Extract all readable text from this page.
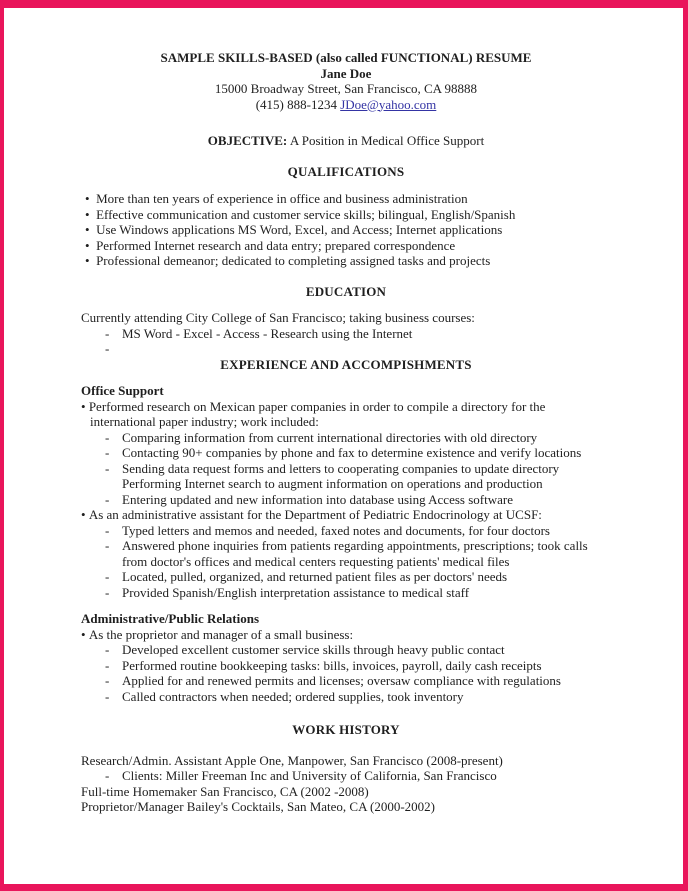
SAMPLE SKILLS-BASED (also called FUNCTIONAL) RESUME
Jane Doe
15000 Broadway Street, San Francisco, CA 98888
(415) 888-1234 JDoe@yahoo.com
OBJECTIVE: A Position in Medical Office Support
QUALIFICATIONS
•  More than ten years of experience in office and business administration
•  Effective communication and customer service skills; bilingual, English/Spanish
•  Use Windows applications MS Word, Excel, and Access; Internet applications
•  Performed Internet research and data entry; prepared correspondence
•  Professional demeanor; dedicated to completing assigned tasks and projects
EDUCATION
Currently attending City College of San Francisco; taking business courses:
- MS Word - Excel - Access - Research using the Internet
-
EXPERIENCE AND ACCOMPISHMENTS
Office Support
• Performed research on Mexican paper companies in order to compile a directory for the international paper industry; work included:
- Comparing information from current international directories with old directory
- Contacting 90+ companies by phone and fax to determine existence and verify locations
- Sending data request forms and letters to cooperating companies to update directory
Performing Internet search to augment information on operations and production
- Entering updated and new information into database using Access software
• As an administrative assistant for the Department of Pediatric Endocrinology at UCSF:
- Typed letters and memos and needed, faxed notes and documents, for four doctors
- Answered phone inquiries from patients regarding appointments, prescriptions; took calls from doctor's offices and medical centers requesting patients' medical files
- Located, pulled, organized, and returned patient files as per doctors' needs
- Provided Spanish/English interpretation assistance to medical staff
Administrative/Public Relations
• As the proprietor and manager of a small business:
- Developed excellent customer service skills through heavy public contact
- Performed routine bookkeeping tasks: bills, invoices, payroll, daily cash receipts
- Applied for and renewed permits and licenses; oversaw compliance with regulations
- Called contractors when needed; ordered supplies, took inventory
WORK HISTORY
Research/Admin. Assistant Apple One, Manpower, San Francisco (2008-present)
- Clients: Miller Freeman Inc and University of California, San Francisco
Full-time Homemaker San Francisco, CA (2002 -2008)
Proprietor/Manager Bailey's Cocktails, San Mateo, CA (2000-2002)
